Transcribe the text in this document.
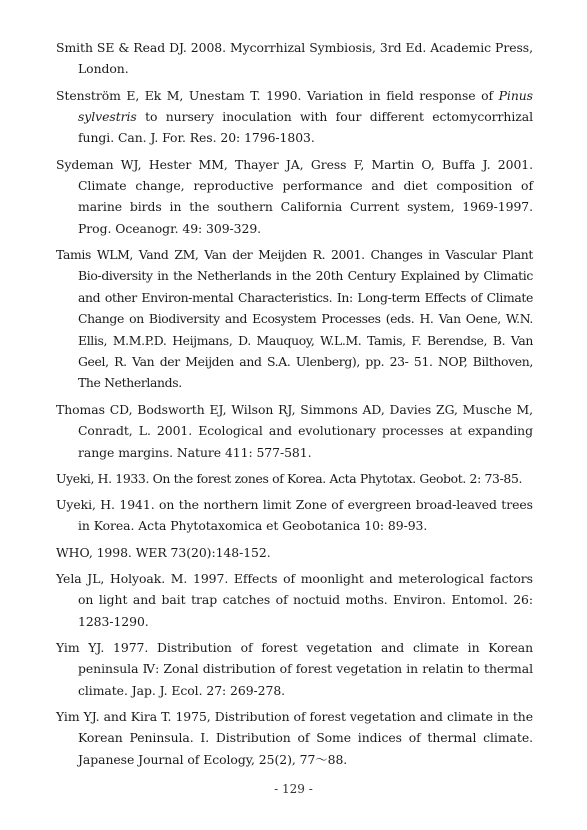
Smith SE & Read DJ. 2008. Mycorrhizal Symbiosis, 3rd Ed. Academic Press, London.

Stenström E, Ek M, Unestam T. 1990. Variation in field response of Pinus sylvestris to nursery inoculation with four different ectomycorrhizal fungi. Can. J. For. Res. 20: 1796-1803.

Sydeman WJ, Hester MM, Thayer JA, Gress F, Martin O, Buffa J. 2001. Climate change, reproductive performance and diet composition of marine birds in the southern California Current system, 1969-1997. Prog. Oceanogr. 49: 309-329.

Tamis WLM, Vand ZM, Van der Meijden R. 2001. Changes in Vascular Plant Bio-diversity in the Netherlands in the 20th Century Explained by Climatic and other Environ-mental Characteristics. In: Long-term Effects of Climate Change on Biodiversity and Ecosystem Processes (eds. H. Van Oene, W.N. Ellis, M.M.P.D. Heijmans, D. Mauquoy, W.L.M. Tamis, F. Berendse, B. Van Geel, R. Van der Meijden and S.A. Ulenberg), pp. 23- 51. NOP, Bilthoven, The Netherlands.

Thomas CD, Bodsworth EJ, Wilson RJ, Simmons AD, Davies ZG, Musche M, Conradt, L. 2001. Ecological and evolutionary processes at expanding range margins. Nature 411: 577-581.

Uyeki, H. 1933. On the forest zones of Korea. Acta Phytotax. Geobot. 2: 73-85.

Uyeki, H. 1941. on the northern limit Zone of evergreen broad-leaved trees in Korea. Acta Phytotaxomica et Geobotanica 10: 89-93.

WHO, 1998. WER 73(20):148-152.

Yela JL, Holyoak. M. 1997. Effects of moonlight and meterological factors on light and bait trap catches of noctuid moths. Environ. Entomol. 26: 1283-1290.

Yim YJ. 1977. Distribution of forest vegetation and climate in Korean peninsula Ⅳ: Zonal distribution of forest vegetation in relatin to thermal climate. Jap. J. Ecol. 27: 269-278.

Yim YJ. and Kira T. 1975, Distribution of forest vegetation and climate in the Korean Peninsula. I. Distribution of Some indices of thermal climate. Japanese Journal of Ecology, 25(2), 77～88.

- 129 -
